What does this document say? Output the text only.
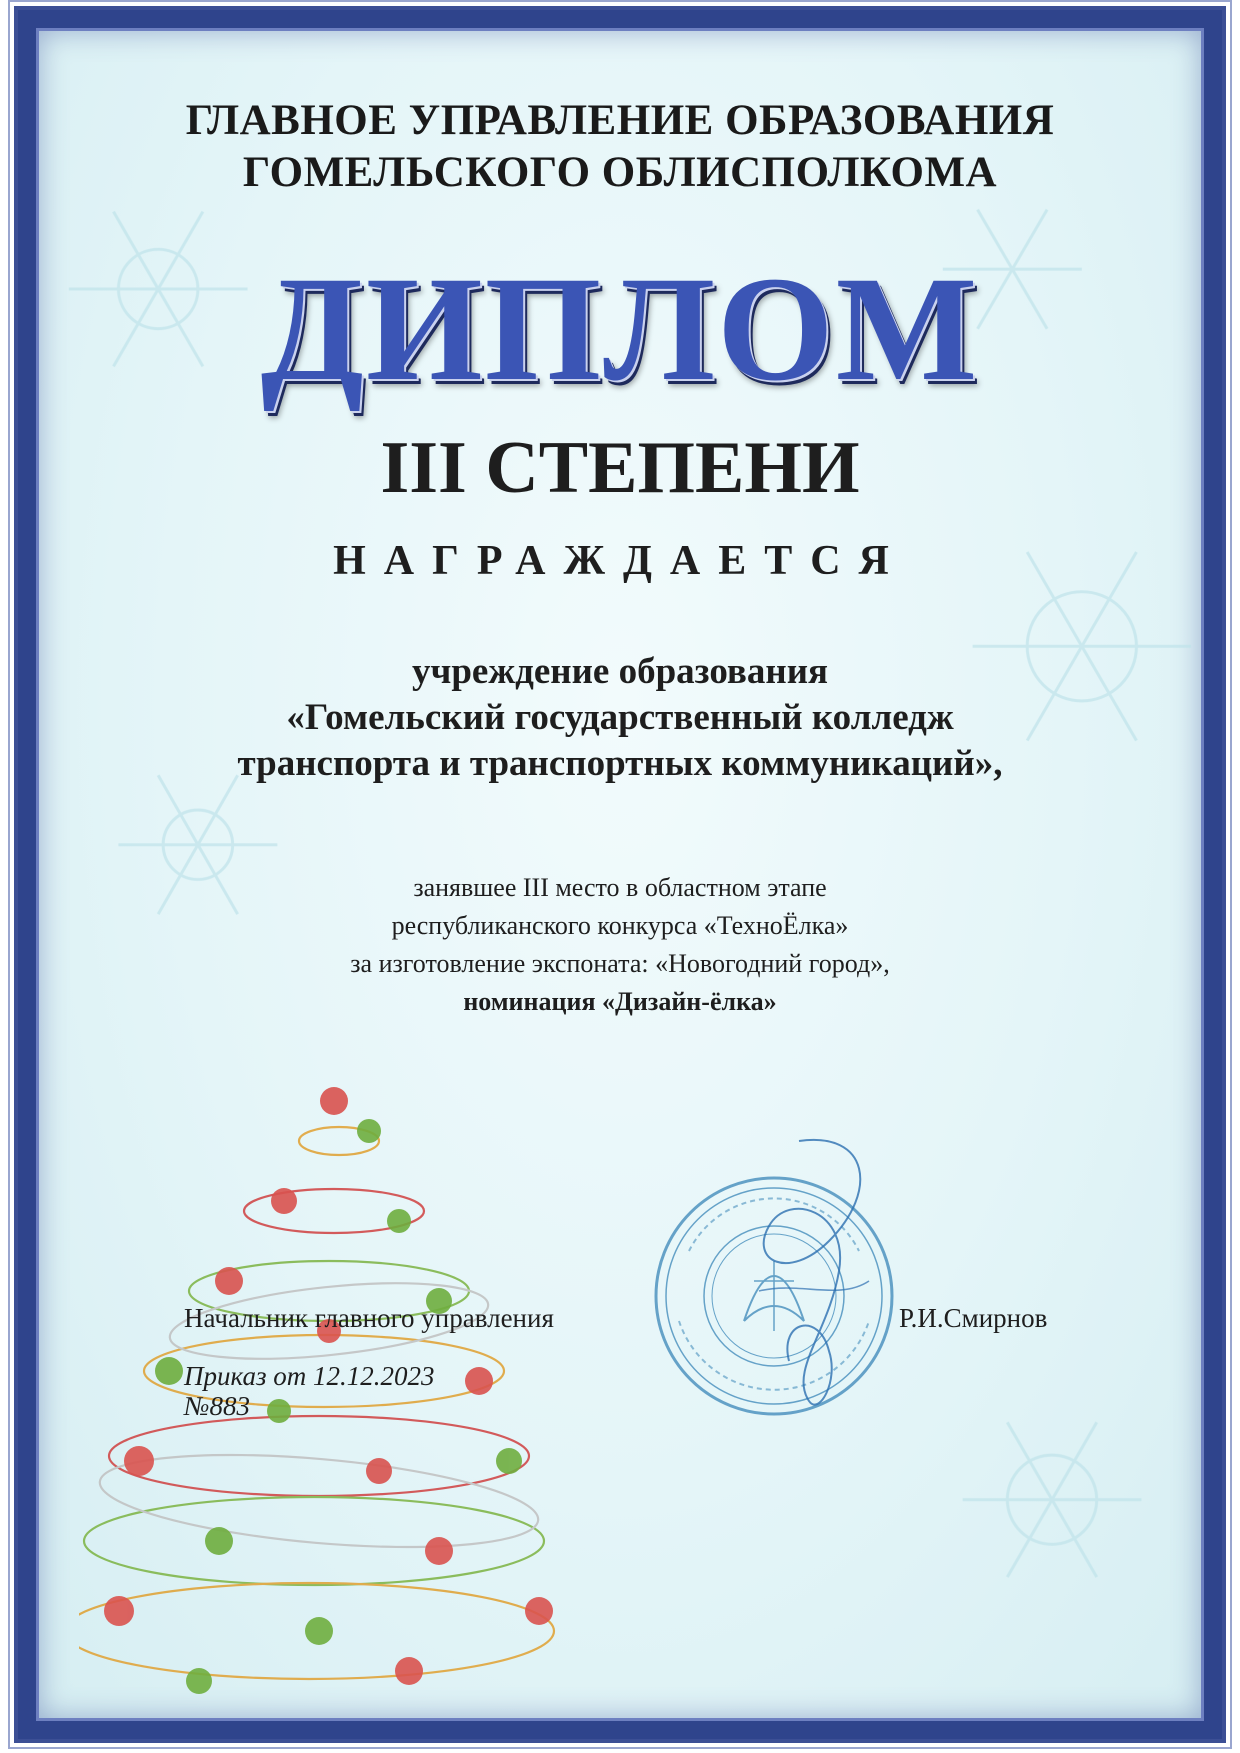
ГЛАВНОЕ УПРАВЛЕНИЕ ОБРАЗОВАНИЯ
ГОМЕЛЬСКОГО ОБЛИСПОЛКОМА
ДИПЛОМ
III СТЕПЕНИ
НАГРАЖДАЕТСЯ
учреждение образования
«Гомельский государственный колледж
транспорта и транспортных коммуникаций»,
занявшее III место в областном этапе
республиканского конкурса «ТехноЁлка»
за изготовление экспоната: «Новогодний город»,
номинация «Дизайн-ёлка»
Начальник главного управления	Р.И.Смирнов
Приказ от 12.12.2023
№883
